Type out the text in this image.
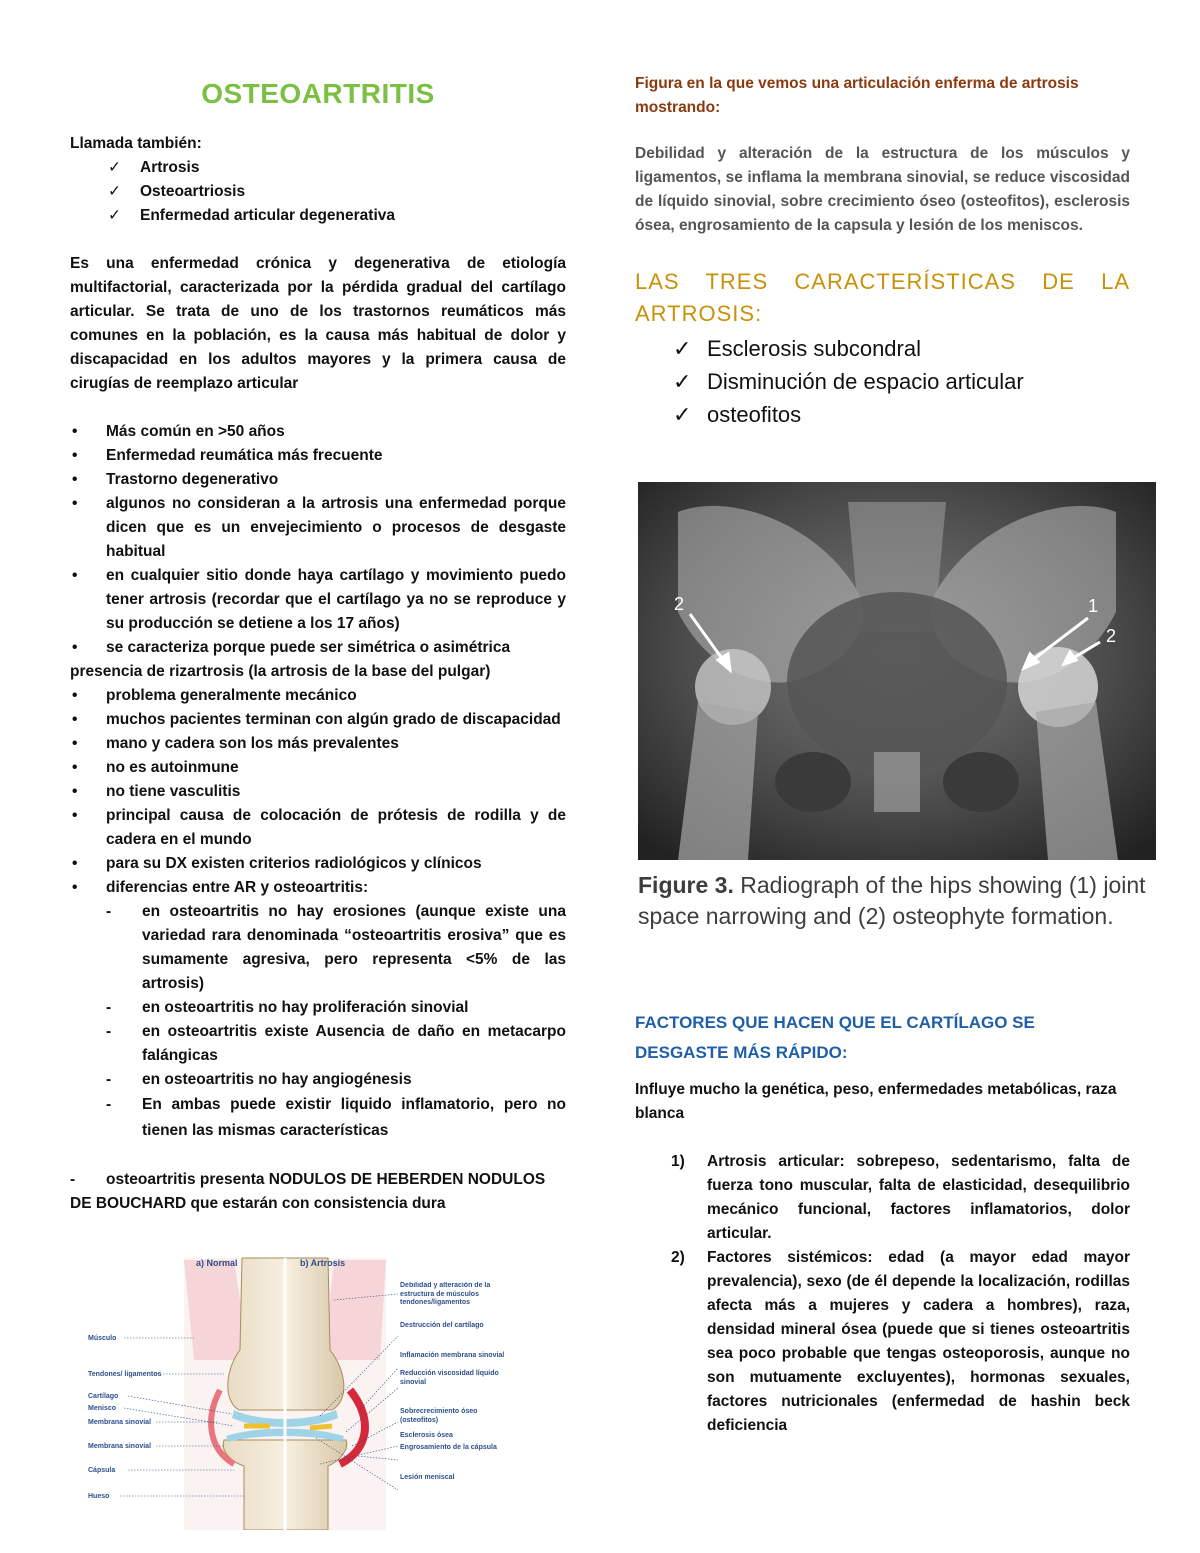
OSTEOARTRITIS

Llamada también:

✓ Artrosis
✓ Osteoartriosis
✓ Enfermedad articular degenerativa

Es una enfermedad crónica y degenerativa de etiología multifactorial, caracterizada por la pérdida gradual del cartílago articular. Se trata de uno de los trastornos reumáticos más comunes en la población, es la causa más habitual de dolor y discapacidad en los adultos mayores y la primera causa de cirugías de reemplazo articular

• Más común en >50 años
• Enfermedad reumática más frecuente
• Trastorno degenerativo
• algunos no consideran a la artrosis una enfermedad porque dicen que es un envejecimiento o procesos de desgaste habitual
• en cualquier sitio donde haya cartílago y movimiento puedo tener artrosis (recordar que el cartílago ya no se reproduce y su producción se detiene a los 17 años)
• se caracteriza porque puede ser simétrica o asimétrica

presencia de rizartrosis (la artrosis de la base del pulgar)

• problema generalmente mecánico
• muchos pacientes terminan con algún grado de discapacidad
• mano y cadera son los más prevalentes
• no es autoinmune
• no tiene vasculitis
• principal causa de colocación de prótesis de rodilla y de cadera en el mundo
• para su DX existen criterios radiológicos y clínicos
• diferencias entre AR y osteoartritis:
- en osteoartritis no hay erosiones (aunque existe una variedad rara denominada “osteoartritis erosiva” que es sumamente agresiva, pero representa <5% de las artrosis)
- en osteoartritis no hay proliferación sinovial
- en osteoartritis existe Ausencia de daño en metacarpo falángicas
- en osteoartritis no hay angiogénesis
- En ambas puede existir liquido inflamatorio, pero no tienen las mismas características

- osteoartritis presenta NODULOS DE HEBERDEN NODULOS DE BOUCHARD que estarán con consistencia dura

a) Normal	b) Artrosis
Músculo
Tendones/ ligamentos
Cartílago
Menisco
Membrana sinovial
Membrana sinovial
Cápsula
Hueso
Debilidad y alteración de la estructura de músculos tendones/ligamentos
Destrucción del cartílago
Inflamación membrana sinovial
Reducción viscosidad líquido sinovial
Sobrecrecimiento óseo (osteofitos)
Esclerosis ósea
Engrosamiento de la cápsula
Lesión meniscal

Figura en la que vemos una articulación enferma de artrosis mostrando:

Debilidad y alteración de la estructura de los músculos y ligamentos, se inflama la membrana sinovial, se reduce viscosidad de líquido sinovial, sobre crecimiento óseo (osteofitos), esclerosis ósea, engrosamiento de la capsula y lesión de los meniscos.

LAS TRES CARACTERÍSTICAS DE LA
ARTROSIS:
✓ Esclerosis subcondral
✓ Disminución de espacio articular
✓ osteofitos
2	1
2
Figure 3. Radiograph of the hips showing (1) joint space narrowing and (2) osteophyte formation.
FACTORES QUE HACEN QUE EL CARTÍLAGO SE DESGASTE MÁS RÁPIDO:

Influye mucho la genética, peso, enfermedades metabólicas, raza blanca

1) Artrosis articular: sobrepeso, sedentarismo, falta de fuerza tono muscular, falta de elasticidad, desequilibrio mecánico funcional, factores inflamatorios, dolor articular.
2) Factores sistémicos: edad (a mayor edad mayor prevalencia), sexo (de él depende la localización, rodillas afecta más a mujeres y cadera a hombres), raza, densidad mineral ósea (puede que si tienes osteoartritis sea poco probable que tengas osteoporosis, aunque no son mutuamente excluyentes), hormonas sexuales, factores nutricionales (enfermedad de hashin beck deficiencia
